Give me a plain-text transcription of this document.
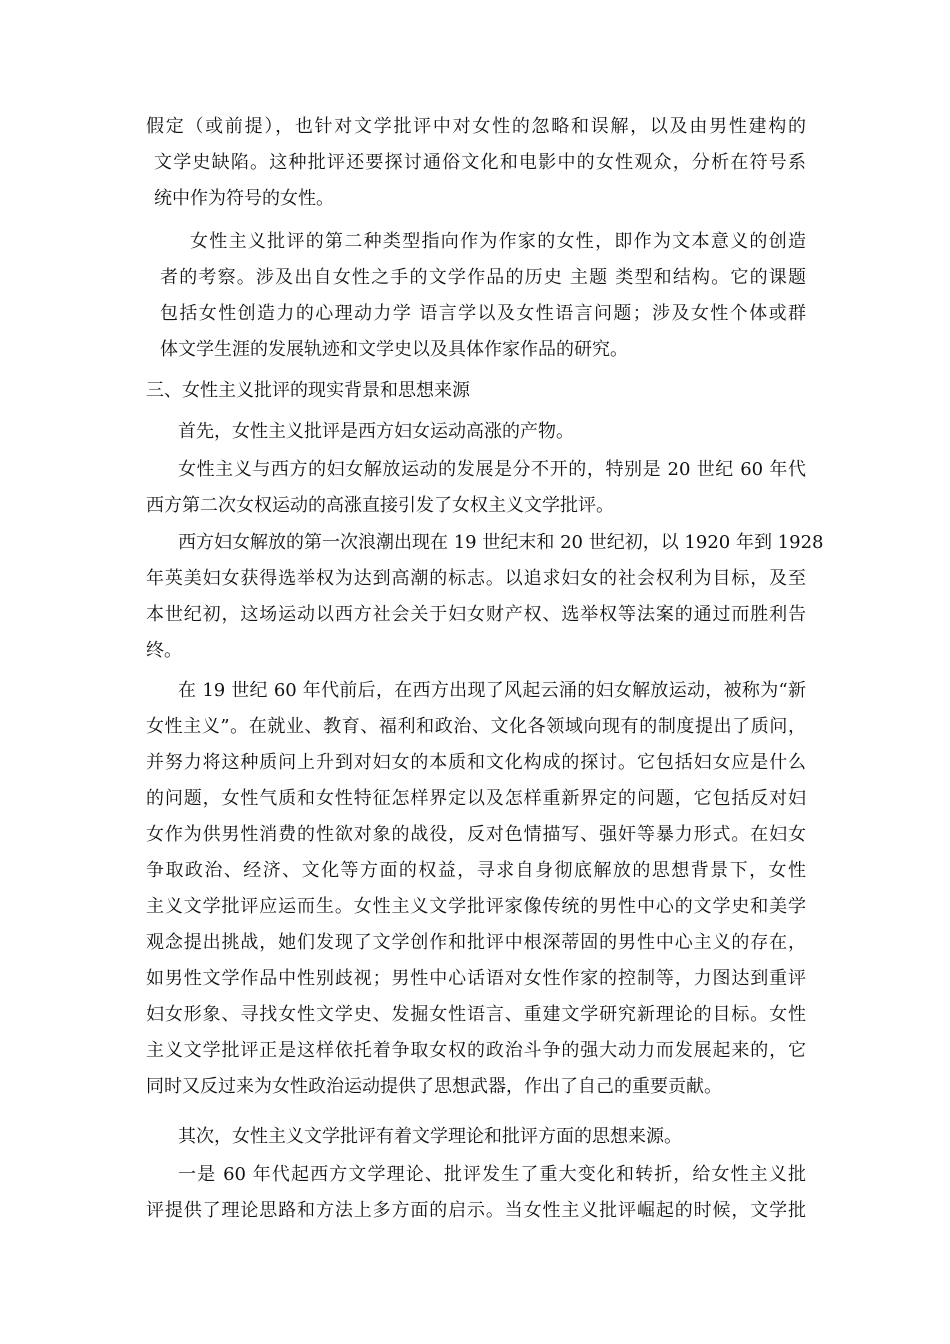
假定（或前提），也针对文学批评中对女性的忽略和误解，以及由男性建构的
文学史缺陷。这种批评还要探讨通俗文化和电影中的女性观众，分析在符号系
统中作为符号的女性。
女性主义批评的第二种类型指向作为作家的女性，即作为文本意义的创造
者的考察。涉及出自女性之手的文学作品的历史 主题 类型和结构。它的课题
包括女性创造力的心理动力学 语言学以及女性语言问题；涉及女性个体或群
体文学生涯的发展轨迹和文学史以及具体作家作品的研究。
三、女性主义批评的现实背景和思想来源
首先，女性主义批评是西方妇女运动高涨的产物。
女性主义与西方的妇女解放运动的发展是分不开的，特别是 20 世纪 60 年代
西方第二次女权运动的高涨直接引发了女权主义文学批评。
西方妇女解放的第一次浪潮出现在 19 世纪末和 20 世纪初，以 1920 年到 1928
年英美妇女获得选举权为达到高潮的标志。以追求妇女的社会权利为目标，及至
本世纪初，这场运动以西方社会关于妇女财产权、选举权等法案的通过而胜利告
终。
在 19 世纪 60 年代前后，在西方出现了风起云涌的妇女解放运动，被称为“新
女性主义”。在就业、教育、福利和政治、文化各领域向现有的制度提出了质问，
并努力将这种质问上升到对妇女的本质和文化构成的探讨。它包括妇女应是什么
的问题，女性气质和女性特征怎样界定以及怎样重新界定的问题，它包括反对妇
女作为供男性消费的性欲对象的战役，反对色情描写、强奸等暴力形式。在妇女
争取政治、经济、文化等方面的权益，寻求自身彻底解放的思想背景下，女性
主义文学批评应运而生。女性主义文学批评家像传统的男性中心的文学史和美学
观念提出挑战，她们发现了文学创作和批评中根深蒂固的男性中心主义的存在，
如男性文学作品中性别歧视；男性中心话语对女性作家的控制等，力图达到重评
妇女形象、寻找女性文学史、发掘女性语言、重建文学研究新理论的目标。女性
主义文学批评正是这样依托着争取女权的政治斗争的强大动力而发展起来的，它
同时又反过来为女性政治运动提供了思想武器，作出了自己的重要贡献。
其次，女性主义文学批评有着文学理论和批评方面的思想来源。
一是 60 年代起西方文学理论、批评发生了重大变化和转折，给女性主义批
评提供了理论思路和方法上多方面的启示。当女性主义批评崛起的时候，文学批
